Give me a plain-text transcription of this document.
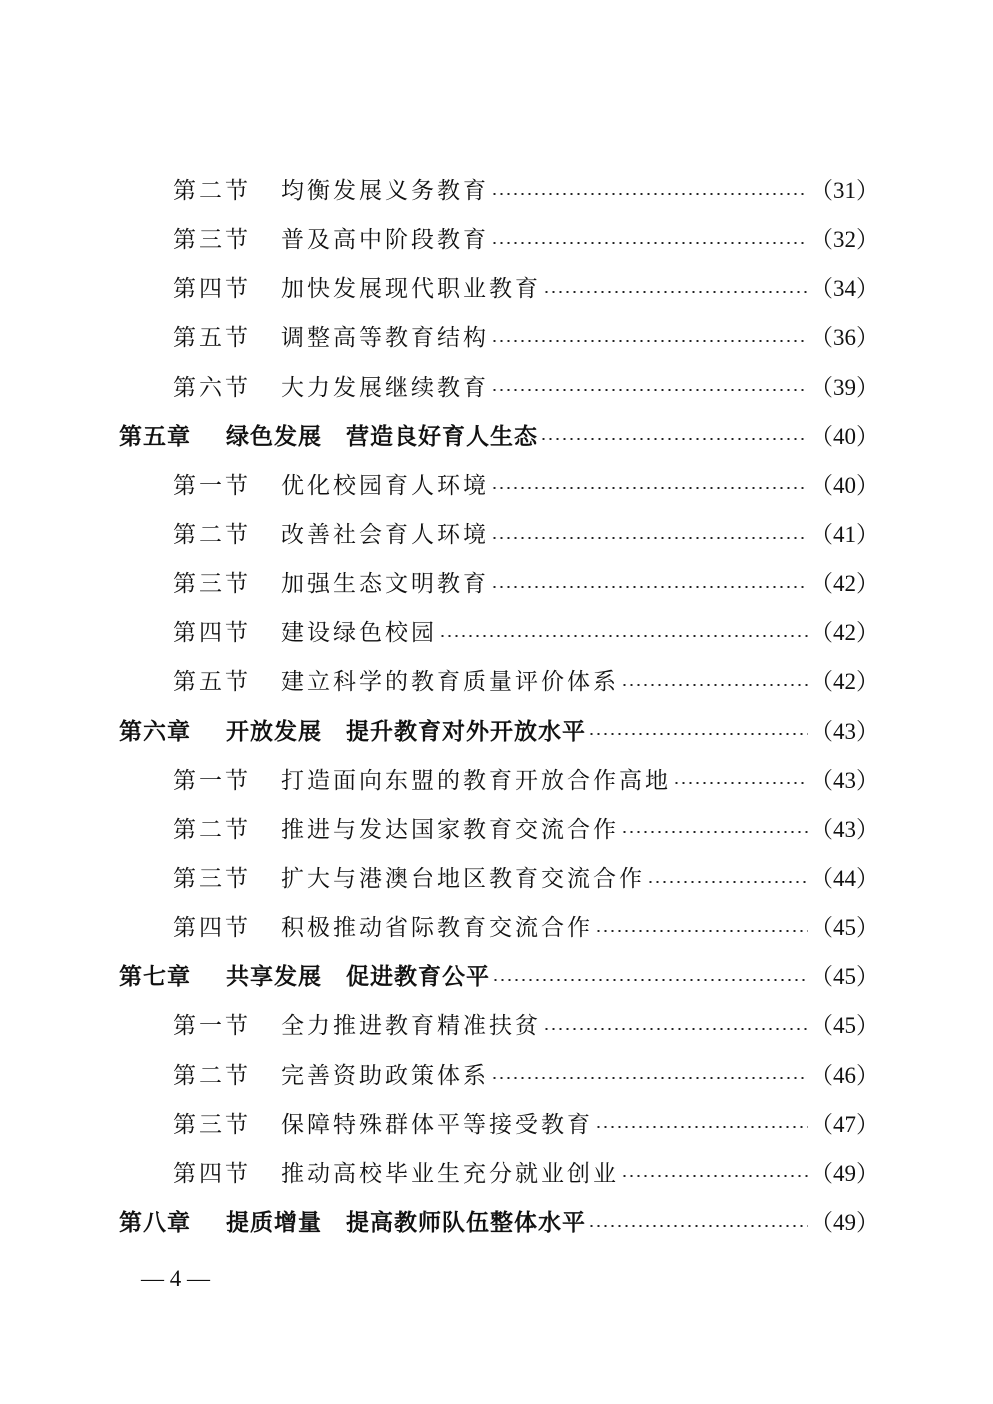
第二节	均衡发展义务教育	（31）
第三节	普及高中阶段教育	（32）
第四节	加快发展现代职业教育	（34）
第五节	调整高等教育结构	（36）
第六节	大力发展继续教育	（39）
第五章	绿色发展　营造良好育人生态	（40）
第一节	优化校园育人环境	（40）
第二节	改善社会育人环境	（41）
第三节	加强生态文明教育	（42）
第四节	建设绿色校园	（42）
第五节	建立科学的教育质量评价体系	（42）
第六章	开放发展　提升教育对外开放水平	（43）
第一节	打造面向东盟的教育开放合作高地	（43）
第二节	推进与发达国家教育交流合作	（43）
第三节	扩大与港澳台地区教育交流合作	（44）
第四节	积极推动省际教育交流合作	（45）
第七章	共享发展　促进教育公平	（45）
第一节	全力推进教育精准扶贫	（45）
第二节	完善资助政策体系	（46）
第三节	保障特殊群体平等接受教育	（47）
第四节	推动高校毕业生充分就业创业	（49）
第八章	提质增量　提高教师队伍整体水平	（49）
— 4 —
